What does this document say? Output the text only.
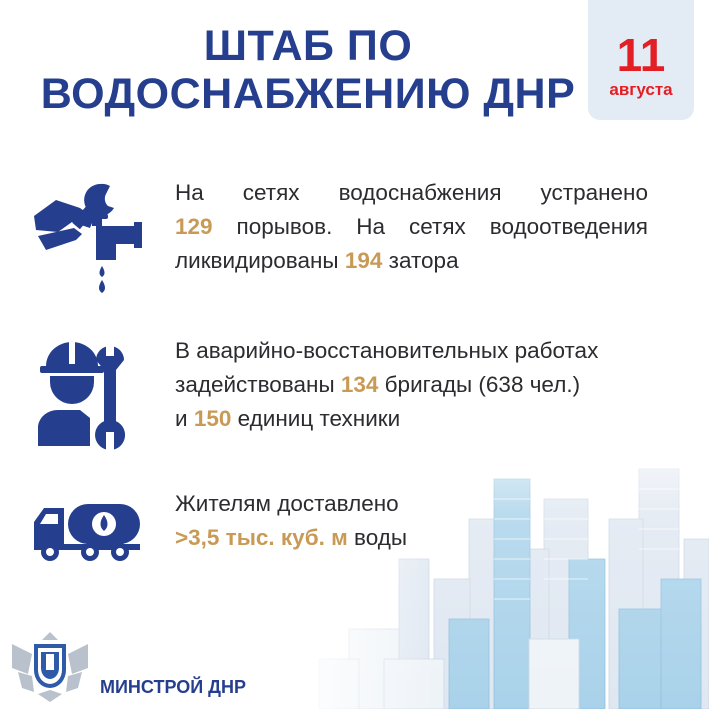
ШТАБ ПО
ВОДОСНАБЖЕНИЮ ДНР
11
августа

На сетях водоснабжения устранено

129 порывов. На сетях водоотведения

ликвидированы 194 затора

В аварийно-восстановительных работах

задействованы 134 бригады (638 чел.)

и 150 единиц техники

Жителям доставлено

>3,5 тыс. куб. м воды

МИНСТРОЙ ДНР
